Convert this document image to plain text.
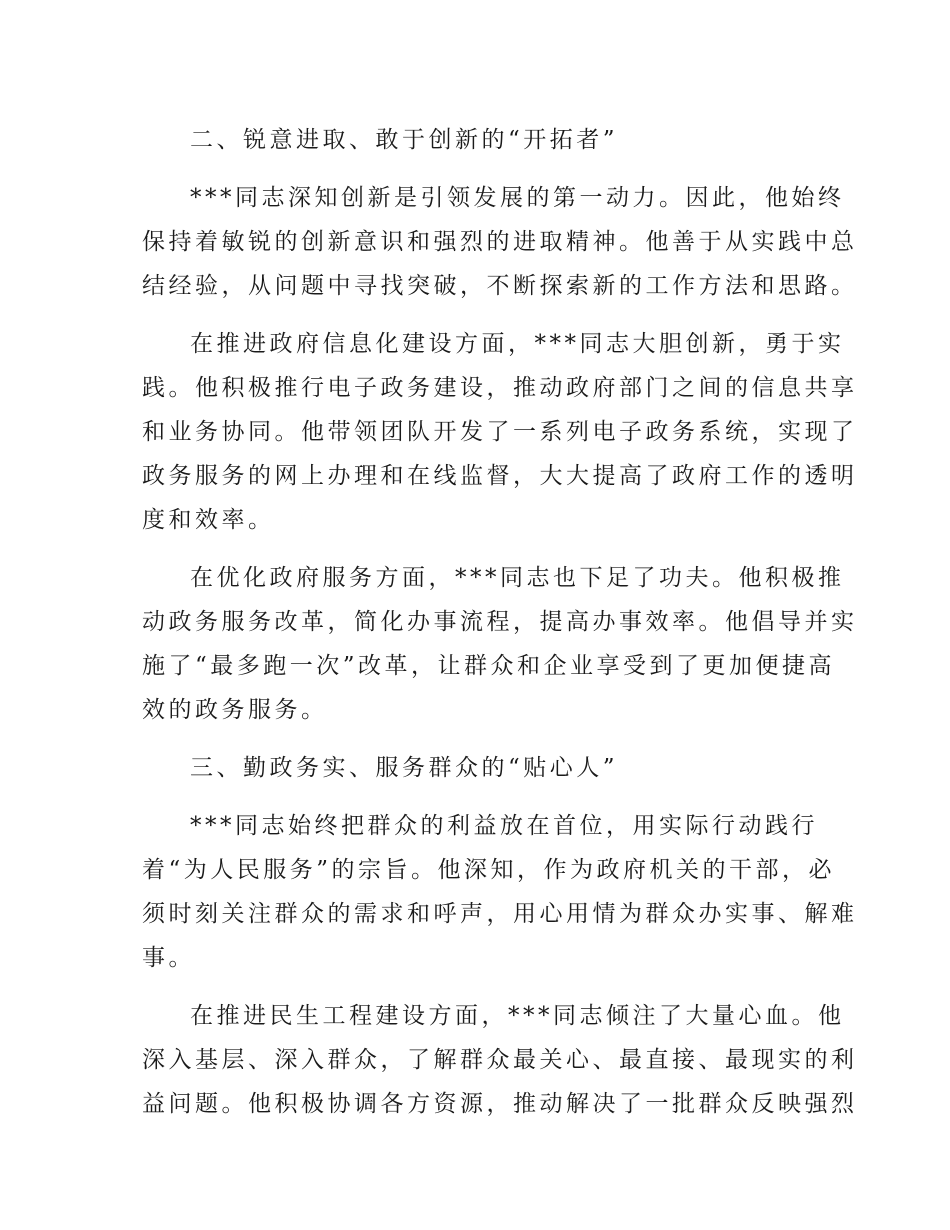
二、锐意进取、敢于创新的“开拓者”
***同志深知创新是引领发展的第一动力。因此，他始终
保持着敏锐的创新意识和强烈的进取精神。他善于从实践中总
结经验，从问题中寻找突破，不断探索新的工作方法和思路。
在推进政府信息化建设方面，***同志大胆创新，勇于实
践。他积极推行电子政务建设，推动政府部门之间的信息共享
和业务协同。他带领团队开发了一系列电子政务系统，实现了
政务服务的网上办理和在线监督，大大提高了政府工作的透明
度和效率。
在优化政府服务方面，***同志也下足了功夫。他积极推
动政务服务改革，简化办事流程，提高办事效率。他倡导并实
施了“最多跑一次”改革，让群众和企业享受到了更加便捷高
效的政务服务。
三、勤政务实、服务群众的“贴心人”
***同志始终把群众的利益放在首位，用实际行动践行
着“为人民服务”的宗旨。他深知，作为政府机关的干部，必
须时刻关注群众的需求和呼声，用心用情为群众办实事、解难
事。
在推进民生工程建设方面，***同志倾注了大量心血。他
深入基层、深入群众，了解群众最关心、最直接、最现实的利
益问题。他积极协调各方资源，推动解决了一批群众反映强烈
